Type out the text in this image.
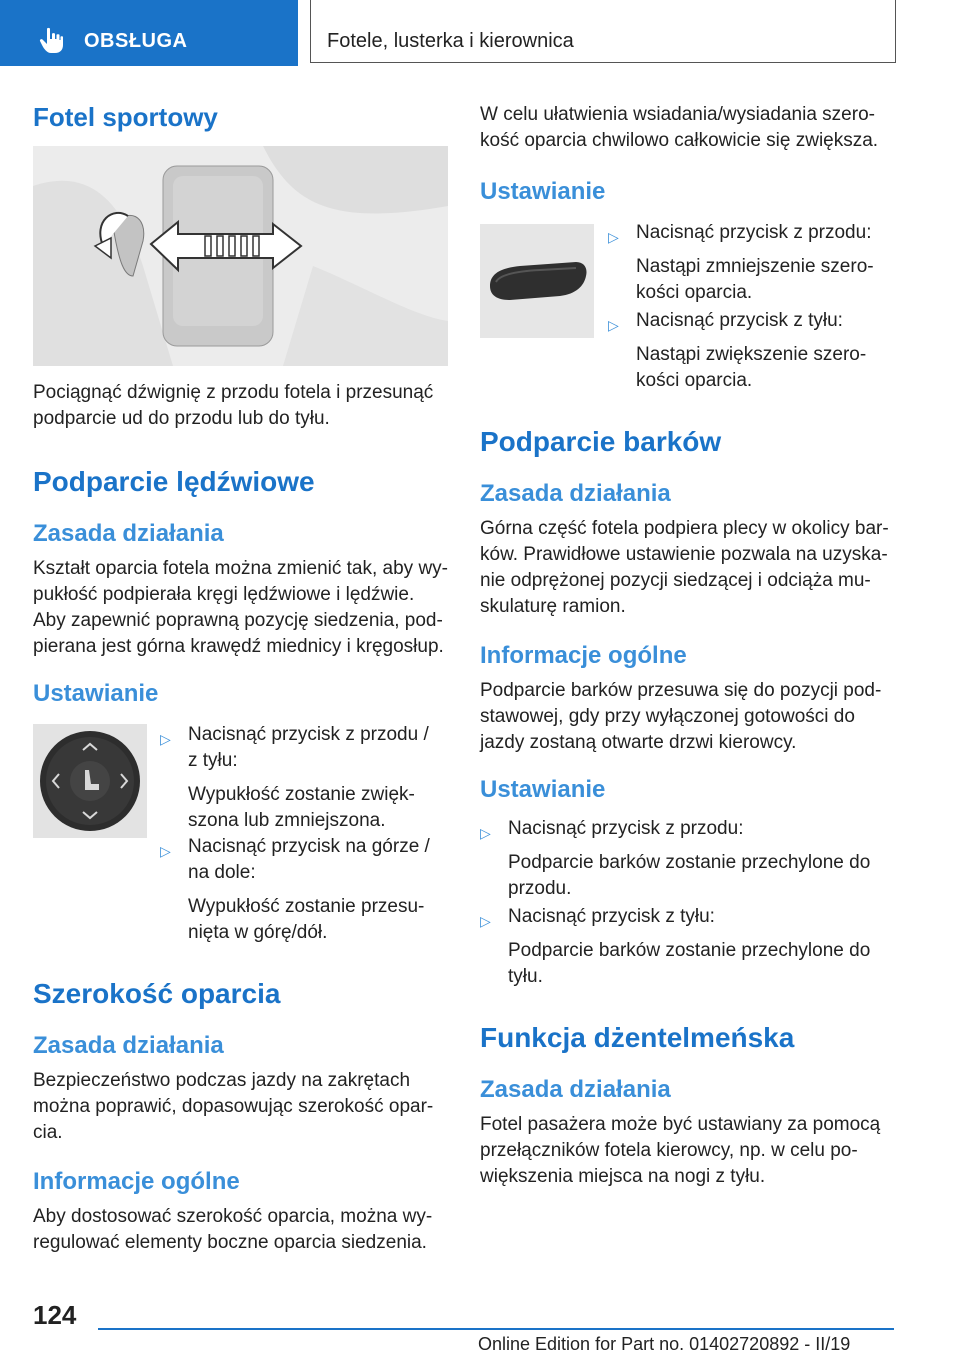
OBSŁUGA	Fotele, lusterka i kierownica
Fotel sportowy
Pociągnąć dźwignię z przodu fotela i przesunąć
podparcie ud do przodu lub do tyłu.
Podparcie lędźwiowe
Zasada działania
Kształt oparcia fotela można zmienić tak, aby wy-
pukłość podpierała kręgi lędźwiowe i lędźwie.
Aby zapewnić poprawną pozycję siedzenia, pod-
pierana jest górna krawędź miednicy i kręgosłup.
Ustawianie
▷ Nacisnąć przycisk z przodu /
z tyłu:
Wypukłość zostanie zwięk-
szona lub zmniejszona.
▷ Nacisnąć przycisk na górze /
na dole:
Wypukłość zostanie przesu-
nięta w górę/dół.
Szerokość oparcia
Zasada działania
Bezpieczeństwo podczas jazdy na zakrętach
można poprawić, dopasowując szerokość opar-
cia.
Informacje ogólne
Aby dostosować szerokość oparcia, można wy-
regulować elementy boczne oparcia siedzenia.
W celu ułatwienia wsiadania/wysiadania szero-
kość oparcia chwilowo całkowicie się zwiększa.
Ustawianie
▷ Nacisnąć przycisk z przodu:
Nastąpi zmniejszenie szero-
kości oparcia.
▷ Nacisnąć przycisk z tyłu:
Nastąpi zwiększenie szero-
kości oparcia.
Podparcie barków
Zasada działania
Górna część fotela podpiera plecy w okolicy bar-
ków. Prawidłowe ustawienie pozwala na uzyska-
nie odprężonej pozycji siedzącej i odciąża mu-
skulaturę ramion.
Informacje ogólne
Podparcie barków przesuwa się do pozycji pod-
stawowej, gdy przy wyłączonej gotowości do
jazdy zostaną otwarte drzwi kierowcy.
Ustawianie
▷ Nacisnąć przycisk z przodu:
Podparcie barków zostanie przechylone do
przodu.
▷ Nacisnąć przycisk z tyłu:
Podparcie barków zostanie przechylone do
tyłu.
Funkcja dżentelmeńska
Zasada działania
Fotel pasażera może być ustawiany za pomocą
przełączników fotela kierowcy, np. w celu po-
większenia miejsca na nogi z tyłu.
124
Online Edition for Part no. 01402720892 - II/19
